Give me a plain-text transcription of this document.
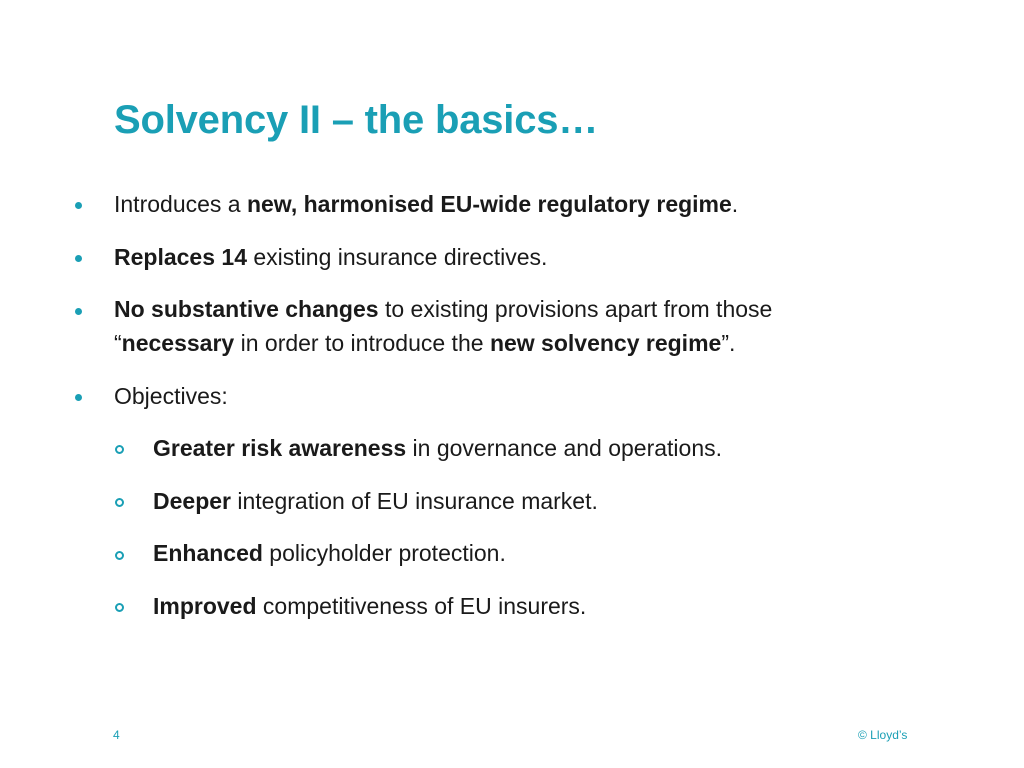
Solvency II – the basics…
Introduces a new, harmonised EU-wide regulatory regime.
Replaces 14 existing insurance directives.
No substantive changes to existing provisions apart from those
“necessary in order to introduce the new solvency regime”.
Objectives:
Greater risk awareness in governance and operations.
Deeper integration of EU insurance market.
Enhanced policyholder protection.
Improved competitiveness of EU insurers.
4	© Lloyd’s
